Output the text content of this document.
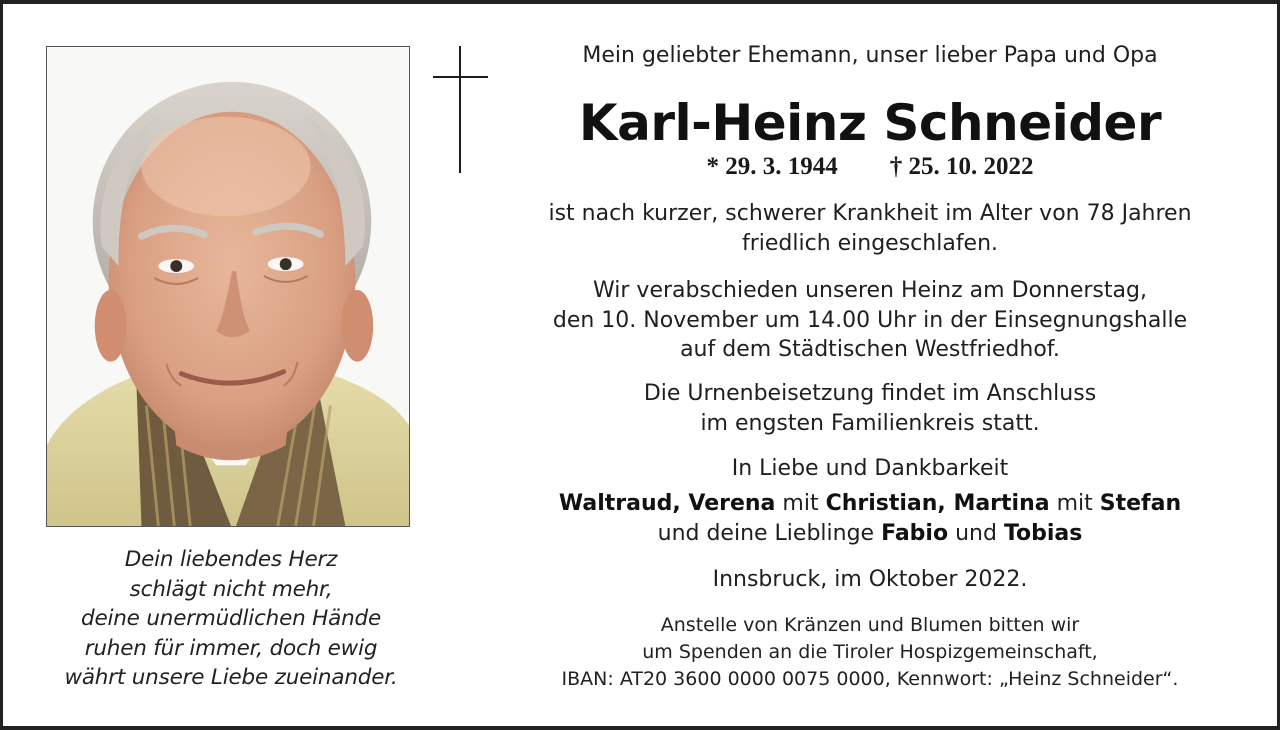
Dein liebendes Herz
schlägt nicht mehr,
deine unermüdlichen Hände
ruhen für immer, doch ewig
währt unsere Liebe zueinander.
Mein geliebter Ehemann, unser lieber Papa und Opa
Karl-Heinz Schneider
* 29. 3. 1944 † 25. 10. 2022
ist nach kurzer, schwerer Krankheit im Alter von 78 Jahren
friedlich eingeschlafen.
Wir verabschieden unseren Heinz am Donnerstag,
den 10. November um 14.00 Uhr in der Einsegnungshalle
auf dem Städtischen Westfriedhof.
Die Urnenbeisetzung findet im Anschluss
im engsten Familienkreis statt.
In Liebe und Dankbarkeit
Waltraud, Verena mit Christian, Martina mit Stefan
und deine Lieblinge Fabio und Tobias
Innsbruck, im Oktober 2022.
Anstelle von Kränzen und Blumen bitten wir
um Spenden an die Tiroler Hospizgemeinschaft,
IBAN: AT20 3600 0000 0075 0000, Kennwort: „Heinz Schneider“.
